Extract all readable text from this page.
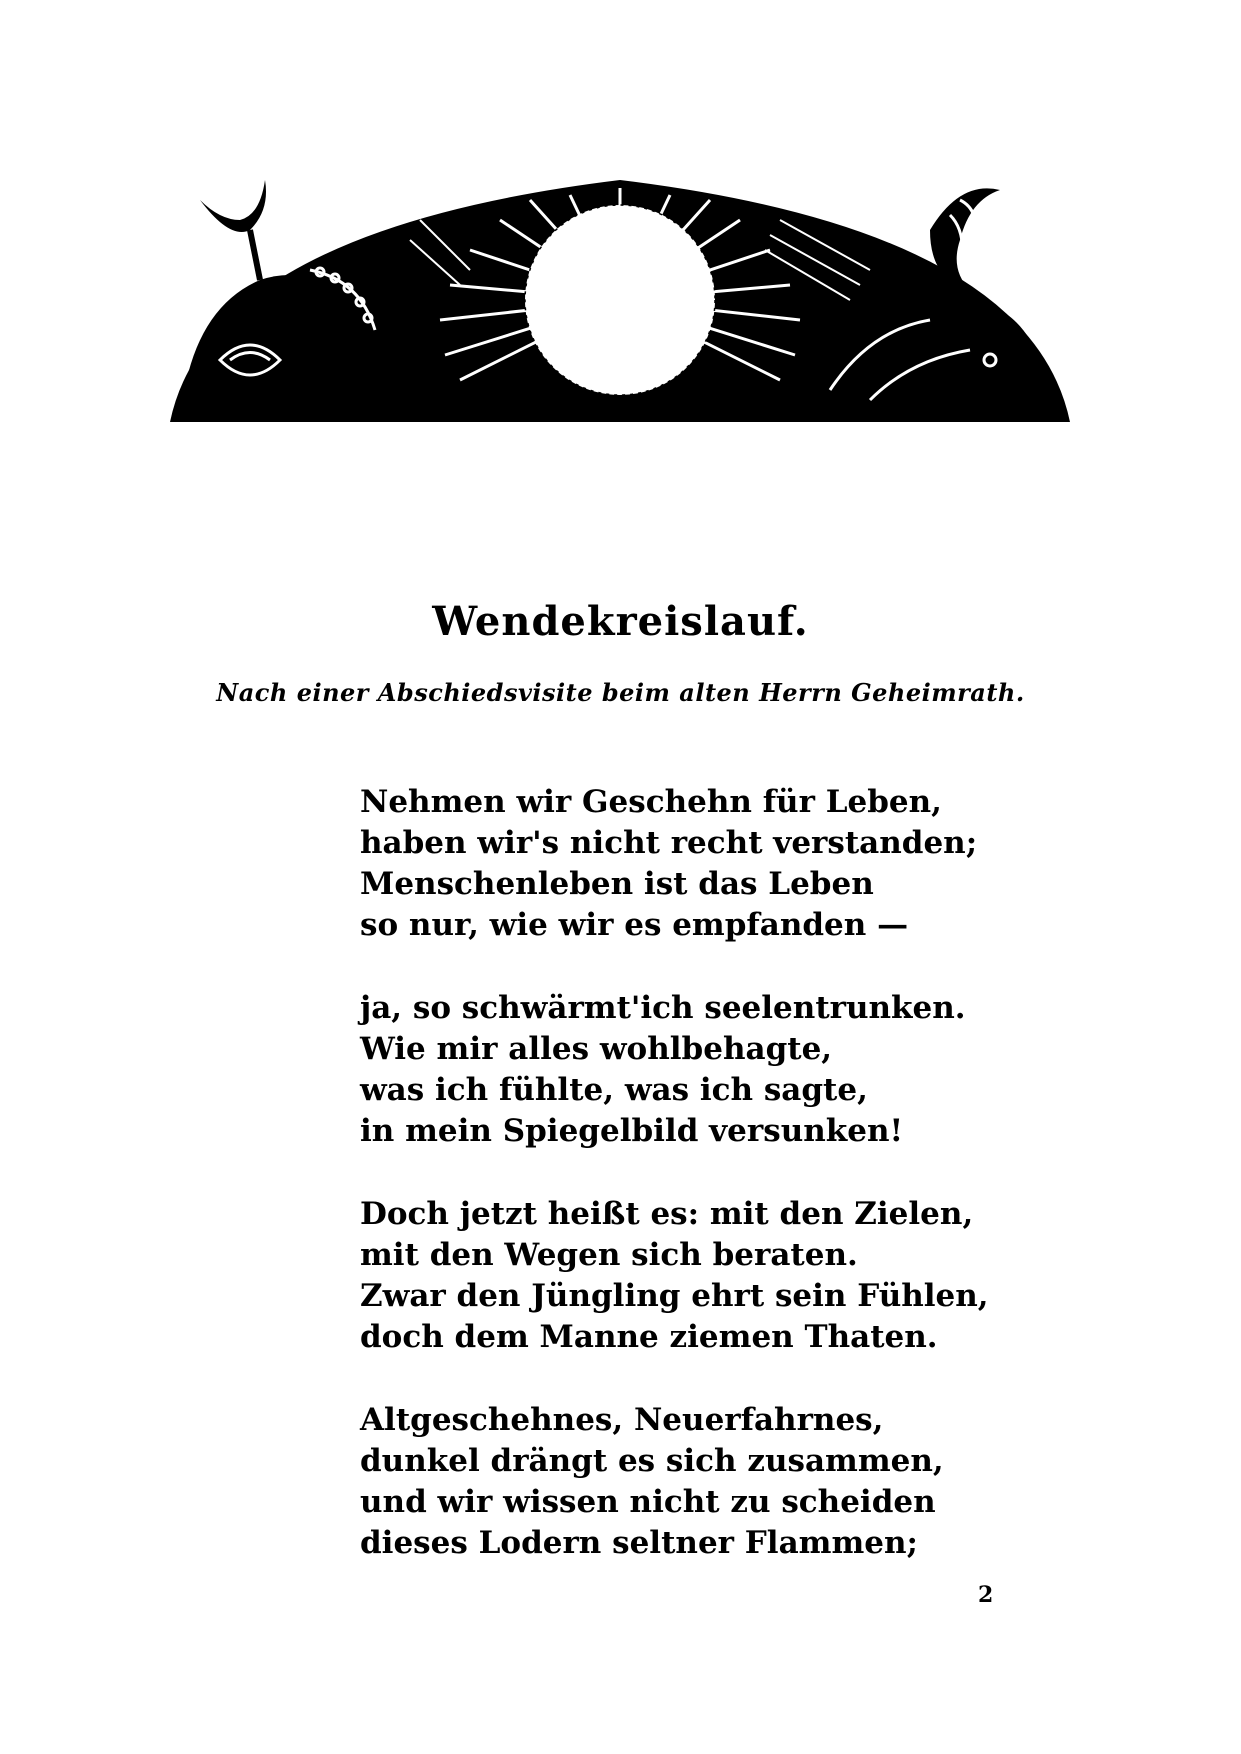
Wendekreislauf.
Nach einer Abschiedsvisite beim alten Herrn Geheimrath.
Nehmen wir Geschehn für Leben,
haben wir's nicht recht verstanden;
Menschenleben ist das Leben
so nur, wie wir es empfanden —
ja, so schwärmt'ich seelentrunken.
Wie mir alles wohlbehagte,
was ich fühlte, was ich sagte,
in mein Spiegelbild versunken!
Doch jetzt heißt es: mit den Zielen,
mit den Wegen sich beraten.
Zwar den Jüngling ehrt sein Fühlen,
doch dem Manne ziemen Thaten.
Altgeschehnes, Neuerfahrnes,
dunkel drängt es sich zusammen,
und wir wissen nicht zu scheiden
dieses Lodern seltner Flammen;
2
